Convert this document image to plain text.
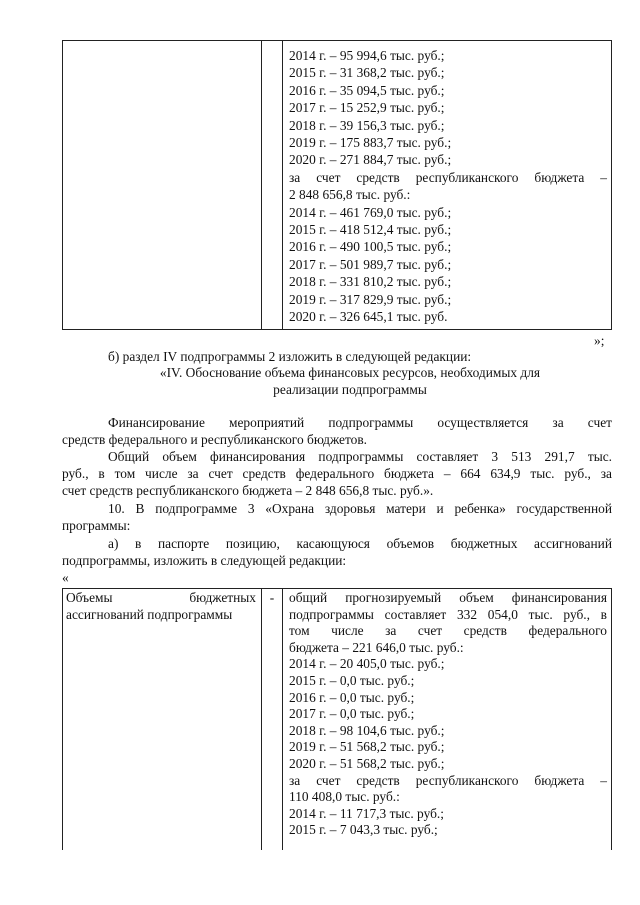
2014 г. – 95 994,6 тыс. руб.;
2015 г. – 31 368,2 тыс. руб.;
2016 г. – 35 094,5 тыс. руб.;
2017 г. – 15 252,9 тыс. руб.;
2018 г. – 39 156,3 тыс. руб.;
2019 г. – 175 883,7 тыс. руб.;
2020 г. – 271 884,7 тыс. руб.;
за счет средств республиканского бюджета –
2 848 656,8 тыс. руб.:
2014 г. – 461 769,0 тыс. руб.;
2015 г. – 418 512,4 тыс. руб.;
2016 г. – 490 100,5 тыс. руб.;
2017 г. – 501 989,7 тыс. руб.;
2018 г. – 331 810,2 тыс. руб.;
2019 г. – 317 829,9 тыс. руб.;
2020 г. – 326 645,1 тыс. руб.
»;
б) раздел IV подпрограммы 2 изложить в следующей редакции:
«IV. Обоснование объема финансовых ресурсов, необходимых для
реализации подпрограммы
Финансирование мероприятий подпрограммы осуществляется за счет
средств федерального и республиканского бюджетов.
Общий объем финансирования подпрограммы составляет 3 513 291,7 тыс.
руб., в том числе за счет средств федерального бюджета – 664 634,9 тыс. руб., за
счет средств республиканского бюджета – 2 848 656,8 тыс. руб.».
10. В подпрограмме 3 «Охрана здоровья матери и ребенка» государственной
программы:
а) в паспорте позицию, касающуюся объемов бюджетных ассигнований
подпрограммы, изложить в следующей редакции:
«
Объемы бюджетных
ассигнований подпрограммы

-	общий прогнозируемый объем финансирования
подпрограммы составляет 332 054,0 тыс. руб., в
том числе за счет средств федерального
бюджета – 221 646,0 тыс. руб.:
2014 г. – 20 405,0 тыс. руб.;
2015 г. – 0,0 тыс. руб.;
2016 г. – 0,0 тыс. руб.;
2017 г. – 0,0 тыс. руб.;
2018 г. – 98 104,6 тыс. руб.;
2019 г. – 51 568,2 тыс. руб.;
2020 г. – 51 568,2 тыс. руб.;
за счет средств республиканского бюджета –
110 408,0 тыс. руб.:
2014 г. – 11 717,3 тыс. руб.;
2015 г. – 7 043,3 тыс. руб.;
